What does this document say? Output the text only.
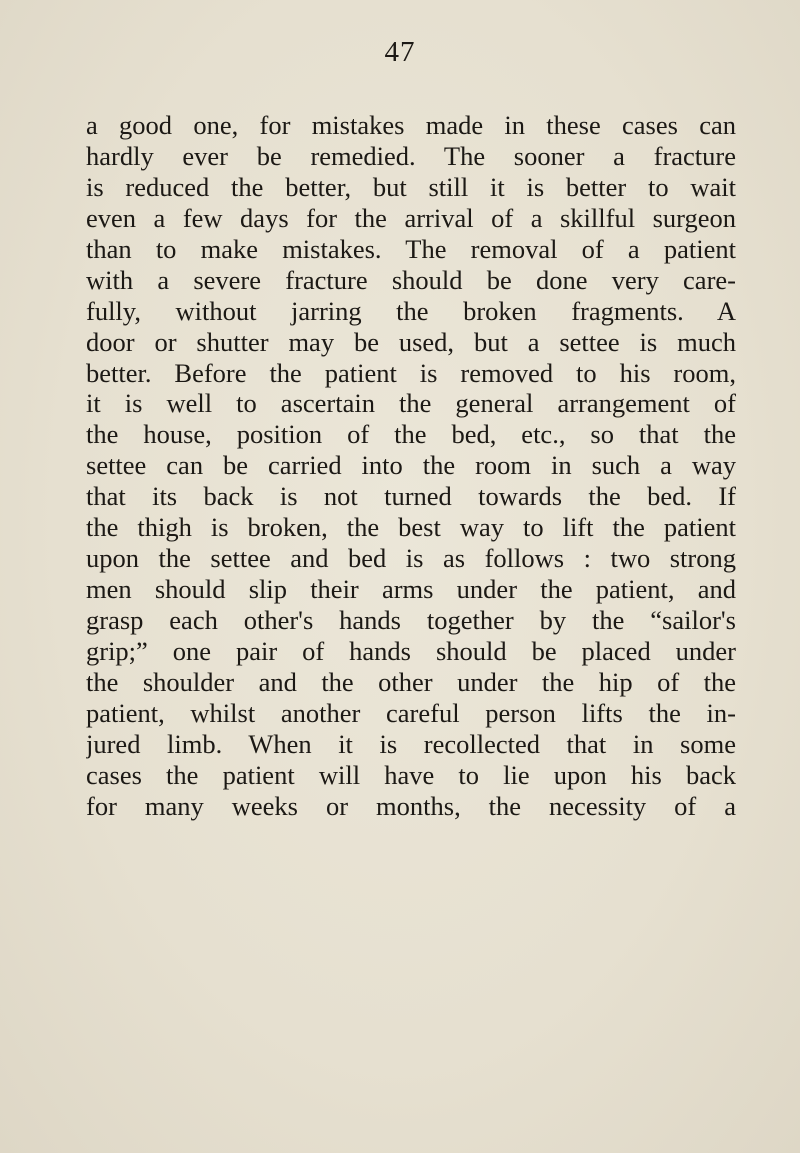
47
a good one, for mistakes made in these cases can
hardly ever be remedied. The sooner a fracture
is reduced the better, but still it is better to wait
even a few days for the arrival of a skillful surgeon
than to make mistakes. The removal of a patient
with a severe fracture should be done very care-
fully, without jarring the broken fragments. A
door or shutter may be used, but a settee is much
better. Before the patient is removed to his room,
it is well to ascertain the general arrangement of
the house, position of the bed, etc., so that the
settee can be carried into the room in such a way
that its back is not turned towards the bed. If
the thigh is broken, the best way to lift the patient
upon the settee and bed is as follows : two strong
men should slip their arms under the patient, and
grasp each other's hands together by the “sailor's
grip;” one pair of hands should be placed under
the shoulder and the other under the hip of the
patient, whilst another careful person lifts the in-
jured limb. When it is recollected that in some
cases the patient will have to lie upon his back
for many weeks or months, the necessity of a
